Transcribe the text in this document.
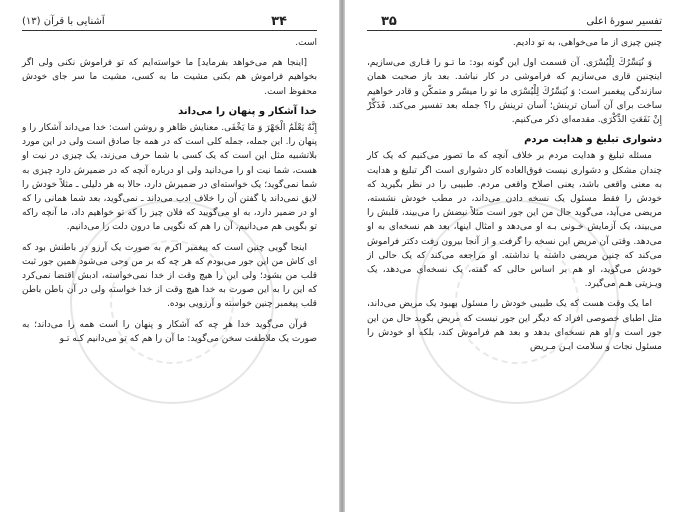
آشنایی با قرآن (۱۳)	۳۴

است.

[اینجا هم می‌خواهد بفرماید] ما خواسته‌ایم که تو فراموش نکنی ولی اگر بخواهیم فراموش هم بکنی مشیت ما به کسی، مشیت ما سر جای خودش محفوظ است.

خدا آشکار و پنهان را می‌داند

إِنَّهُ یَعْلَمُ الْجَهْرَ وَ مَا یَخْفَی. معنایش ظاهر و روشن است: خدا می‌داند آشکار را و پنهان را. این جمله، جمله کلی است که در همه جا صادق است ولی در این مورد بلاتشبیه مثل این است که یک کسی با شما حرف می‌زند، یک چیزی در نیت او هست، شما نیت او را می‌دانید ولی او درباره آنچه که در ضمیرش دارد چیزی به شما نمی‌گوید؛ یک خواسته‌ای در ضمیرش دارد، حالا به هر دلیلی ـ مثلاً خودش را لایق نمی‌داند یا گفتن آن را خلاف ادب می‌داند ـ نمی‌گوید، بعد شما همانی را که او در ضمیر دارد، به او می‌گویید که فلان چیز را که تو خواهیم داد، ما آنچه راکه تو بگویی هم می‌دانیم، آن را هم که نگویی ما درون دلت را می‌دانیم.

اینجا گویی چنین است که پیغمبر اکرم به صورت یک آرزو در باطنش بود که ای کاش من این جور می‌بودم که هر چه که بر من وحی می‌شود همین جور ثبت قلب من بشود؛ ولی این را هیچ وقت از خدا نمی‌خواسته، ادبش اقتضا نمی‌کرد که این را به این صورت به خدا هیچ وقت از خدا خواسته ولی در آن باطن باطن قلب پیغمبر چنین خواسته و آرزویی بوده.

قرآن می‌گوید خدا هر چه که آشکار و پنهان را است همه را می‌داند؛ به صورت یک ملاطفت سخن می‌گوید: ما آن را هم که تو می‌دانیم کـه تـو

تفسیر سورهٔ اعلی
۳۵

چنین چیزی از ما می‌خواهی، به تو دادیم.

وَ نُیَسِّرُكَ لِلْیُسْرَی. آن قسمت اول این گونه بود: ما تـو را قـاری می‌سازیم، اینچنین قاری می‌سازیم که فراموشی در کار نباشد. بعد باز صحبت همان سازندگی پیغمبر است: وَ نُیَسِّرُكَ لِلْیُسْرَی ما تو را میسّر و متمکّن و قادر خواهیم ساخت برای آن آسان ترینش؛ آسان ترینش را؟ جمله بعد تفسیر می‌کند. فَذَكِّرْ إِنْ نَفَعَتِ الذِّكْرَی. مقدمه‌ای ذکر می‌کنیم.

دشواری تبلیغ و هدایت مردم

مسئله تبلیغ و هدایت مردم بر خلاف آنچه که ما تصور می‌کنیم که یک کار چندان مشکل و دشواری نیست فوق‌العاده کار دشواری است اگر تبلیغ و هدایت به معنی واقعی باشد، یعنی اصلاح واقعی مردم. طبیبی را در نظر بگیرید که خودش را فقط مسئول یک نسخه دادن می‌داند، در مطب خودش نشسته، مریضی می‌آید، می‌گوید حال من این جور است مثلاً نبضش را می‌بیند، قلبش را می‌بیند، یک آزمایش خـونی بـه او می‌دهد و امثال اینها، بعد هم نسخه‌ای به او می‌دهد. وقتی آن مریض این نسخه را گرفت و از آنجا بیرون رفت دکتر فراموش می‌کند که چنین مریضی داشته یا نداشته. او مراجعه می‌کند که یک حالی از خودش می‌گوید، او هم بر اساس حالی که گفته، یک نسخه‌ای می‌دهد، یک ویـزیتی هـم می‌گیرد.

اما یک وقت هست که یک طبیبی خودش را مسئول بهبود یک مریض می‌داند، مثل اطبای خصوصی افراد که دیگر این جور نیست که مریض بگوید حال من این جور است و او هم نسخه‌ای بدهد و بعد هم فراموش کند، بلکه او خودش را مسئول نجات و سلامت ایـن مـریض
